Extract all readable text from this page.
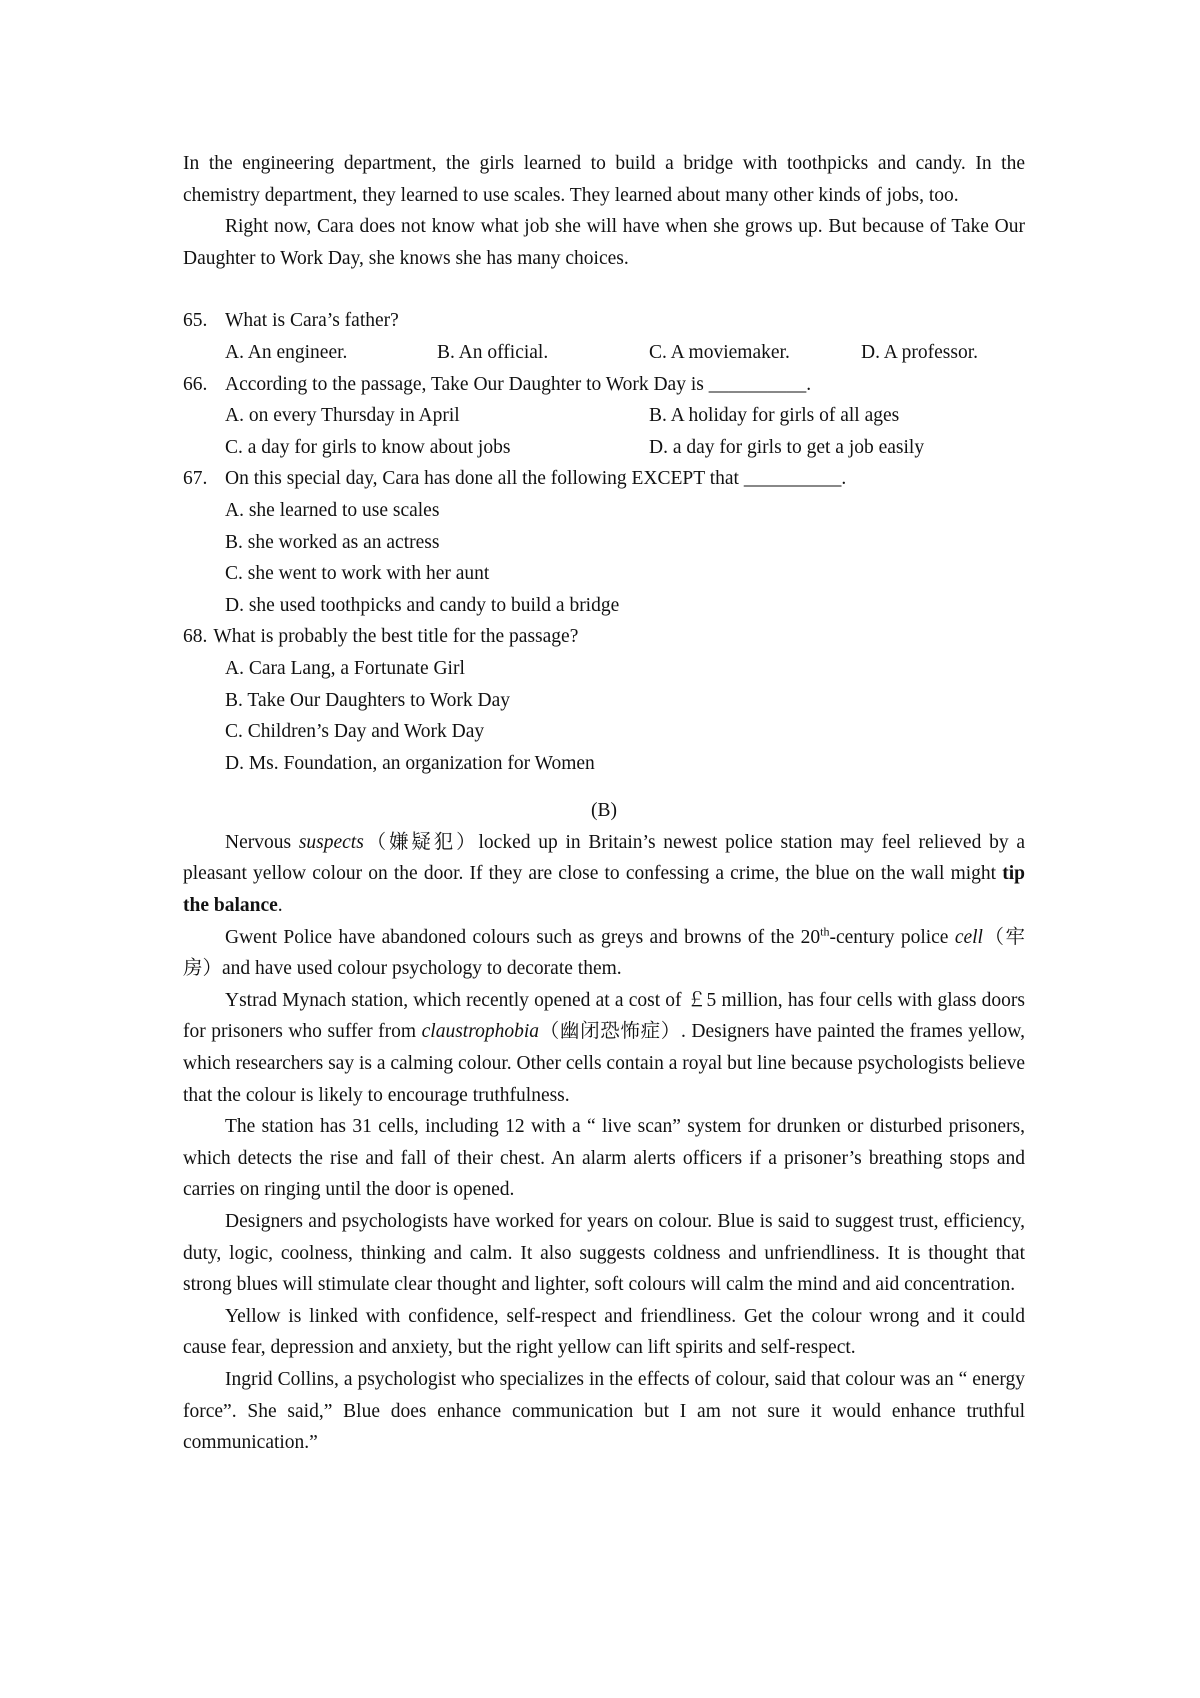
In the engineering department, the girls learned to build a bridge with toothpicks and candy. In the chemistry department, they learned to use scales. They learned about many other kinds of jobs, too.

Right now, Cara does not know what job she will have when she grows up. But because of Take Our Daughter to Work Day, she knows she has many choices.

65. What is Cara’s father?
A. An engineer.	B. An official.	C. A moviemaker.	D. A professor.
66. According to the passage, Take Our Daughter to Work Day is __________.
A. on every Thursday in April	B. A holiday for girls of all ages
C. a day for girls to know about jobs	D. a day for girls to get a job easily
67. On this special day, Cara has done all the following EXCEPT that __________.
A. she learned to use scales
B. she worked as an actress
C. she went to work with her aunt
D. she used toothpicks and candy to build a bridge
68. What is probably the best title for the passage?
A. Cara Lang, a Fortunate Girl
B. Take Our Daughters to Work Day
C. Children’s Day and Work Day
D. Ms. Foundation, an organization for Women
(B)

Nervous suspects（嫌疑犯）locked up in Britain’s newest police station may feel relieved by a pleasant yellow colour on the door. If they are close to confessing a crime, the blue on the wall might tip the balance.

Gwent Police have abandoned colours such as greys and browns of the 20th-century police cell（牢房）and have used colour psychology to decorate them.

Ystrad Mynach station, which recently opened at a cost of ￡5 million, has four cells with glass doors for prisoners who suffer from claustrophobia（幽闭恐怖症）. Designers have painted the frames yellow, which researchers say is a calming colour. Other cells contain a royal but line because psychologists believe that the colour is likely to encourage truthfulness.

The station has 31 cells, including 12 with a “ live scan” system for drunken or disturbed prisoners, which detects the rise and fall of their chest. An alarm alerts officers if a prisoner’s breathing stops and carries on ringing until the door is opened.

Designers and psychologists have worked for years on colour. Blue is said to suggest trust, efficiency, duty, logic, coolness, thinking and calm. It also suggests coldness and unfriendliness. It is thought that strong blues will stimulate clear thought and lighter, soft colours will calm the mind and aid concentration.

Yellow is linked with confidence, self-respect and friendliness. Get the colour wrong and it could cause fear, depression and anxiety, but the right yellow can lift spirits and self-respect.

Ingrid Collins, a psychologist who specializes in the effects of colour, said that colour was an “ energy force”. She said,” Blue does enhance communication but I am not sure it would enhance truthful communication.”
